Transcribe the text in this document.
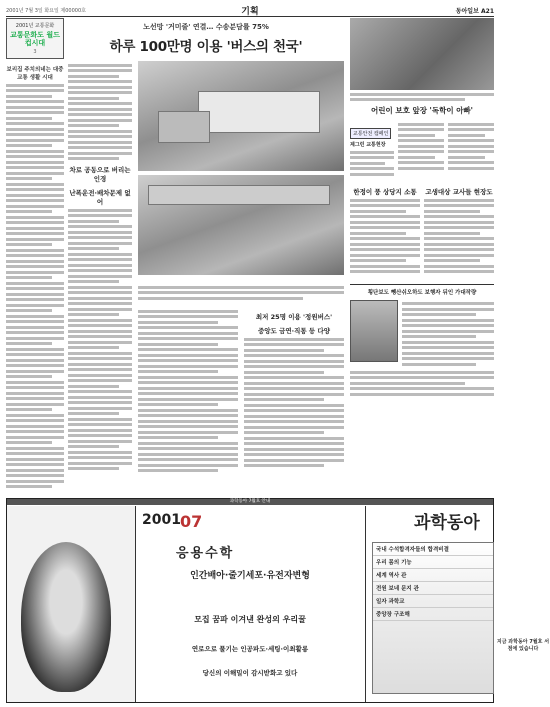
2001년 7월 3일 화요일 제00000호	기획	동아일보 A21
2001년 교통문화
교통문화도 월드컵시대
3
보리집 주치의네는 대중교통 생활 시대
노선망 '거미줄' 연결… 수송분담률 75%
하루 100만명 이용 '버스의 천국'
차로 공동으로 버리는 인경
난폭운전·배차문제 없어
최저 25명 이용 '정원버스'
중앙도 금연·직통 등 다양
어린이 보호 앞장 '독학이 아빠'
교통안전 캠페인
제그런 교통현장
한정이 풍 상당지 소통	고생대상 교사들 현장도
횡단보도 뺑산쉬오하도 보행자 뒤인 가대작량
과학동아 7월호 안내
2001 07
응용수학
인간배아·줄기세포·유전자변형
모집 꿈파 이겨낸 완성의 우리꿀
연로으로 풀기는 인공파도·세팅·이최활롱
당신의 이해밀이 감시받화고 있다
과학동아
국내 수석합격자들의 합격비결
우리 몸의 기능
세계 역사 관
전원 보네 문지 관
일자 과학교
중앙장 구조해
지금 과학동아 7월호 서점에 있습니다
